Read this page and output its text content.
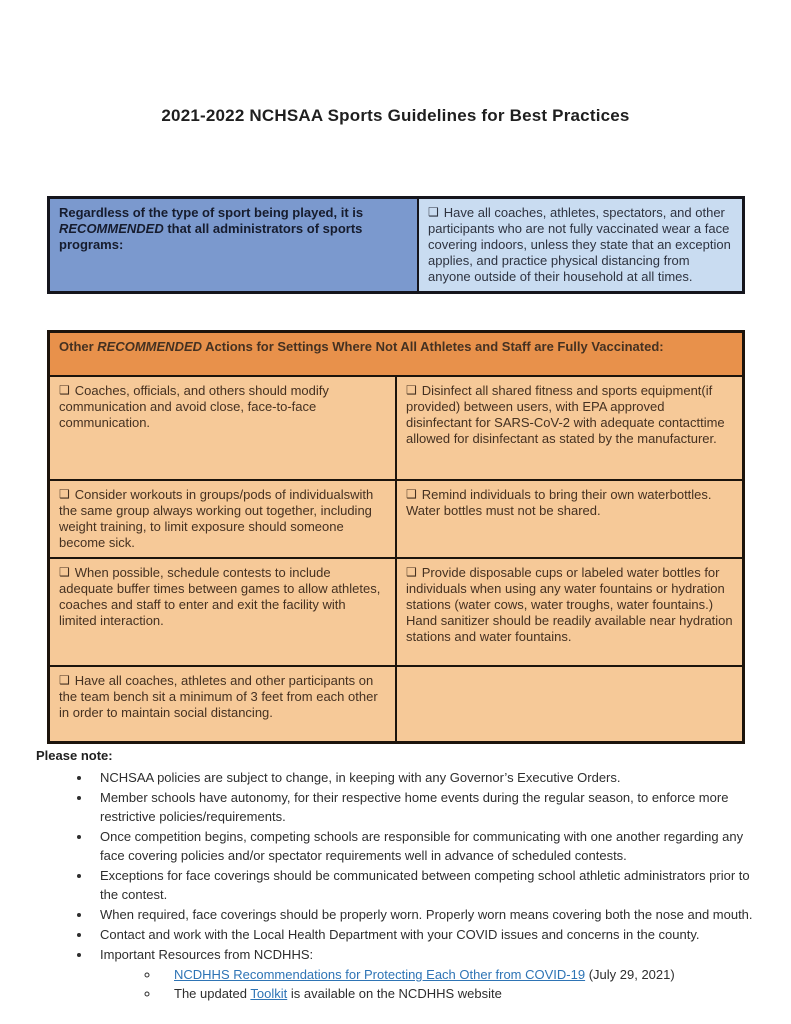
2021-2022 NCHSAA Sports Guidelines for Best Practices
Regardless of the type of sport being played, it is RECOMMENDED that all administrators of sports programs:	❑ Have all coaches, athletes, spectators, and other participants who are not fully vaccinated wear a face covering indoors, unless they state that an exception applies, and practice physical distancing from anyone outside of their household at all times.
Other RECOMMENDED Actions for Settings Where Not All Athletes and Staff are Fully Vaccinated:	
❑ Coaches, officials, and others should modify communication and avoid close, face-to-face communication.	❑ Disinfect all shared fitness and sports equipment(if provided) between users, with EPA approved disinfectant for SARS-CoV-2 with adequate contacttime allowed for disinfectant as stated by the manufacturer.
❑ Consider workouts in groups/pods of individualswith the same group always working out together, including weight training, to limit exposure should someone become sick.	❑ Remind individuals to bring their own waterbottles. Water bottles must not be shared.
❑ When possible, schedule contests to include adequate buffer times between games to allow athletes, coaches and staff to enter and exit the facility with limited interaction.	❑ Provide disposable cups or labeled water bottles for individuals when using any water fountains or hydration stations (water cows, water troughs, water fountains.) Hand sanitizer should be readily available near hydration stations and water fountains.
❑ Have all coaches, athletes and other participants on the team bench sit a minimum of 3 feet from each other in order to maintain social distancing.	
Please note:
• NCHSAA policies are subject to change, in keeping with any Governor’s Executive Orders.
• Member schools have autonomy, for their respective home events during the regular season, to enforce more restrictive policies/requirements.
• Once competition begins, competing schools are responsible for communicating with one another regarding any face covering policies and/or spectator requirements well in advance of scheduled contests.
• Exceptions for face coverings should be communicated between competing school athletic administrators prior to the contest.
• When required, face coverings should be properly worn. Properly worn means covering both the nose and mouth.
• Contact and work with the Local Health Department with your COVID issues and concerns in the county.
• Important Resources from NCDHHS:
◦ NCDHHS Recommendations for Protecting Each Other from COVID-19 (July 29, 2021)
◦ The updated Toolkit is available on the NCDHHS website
